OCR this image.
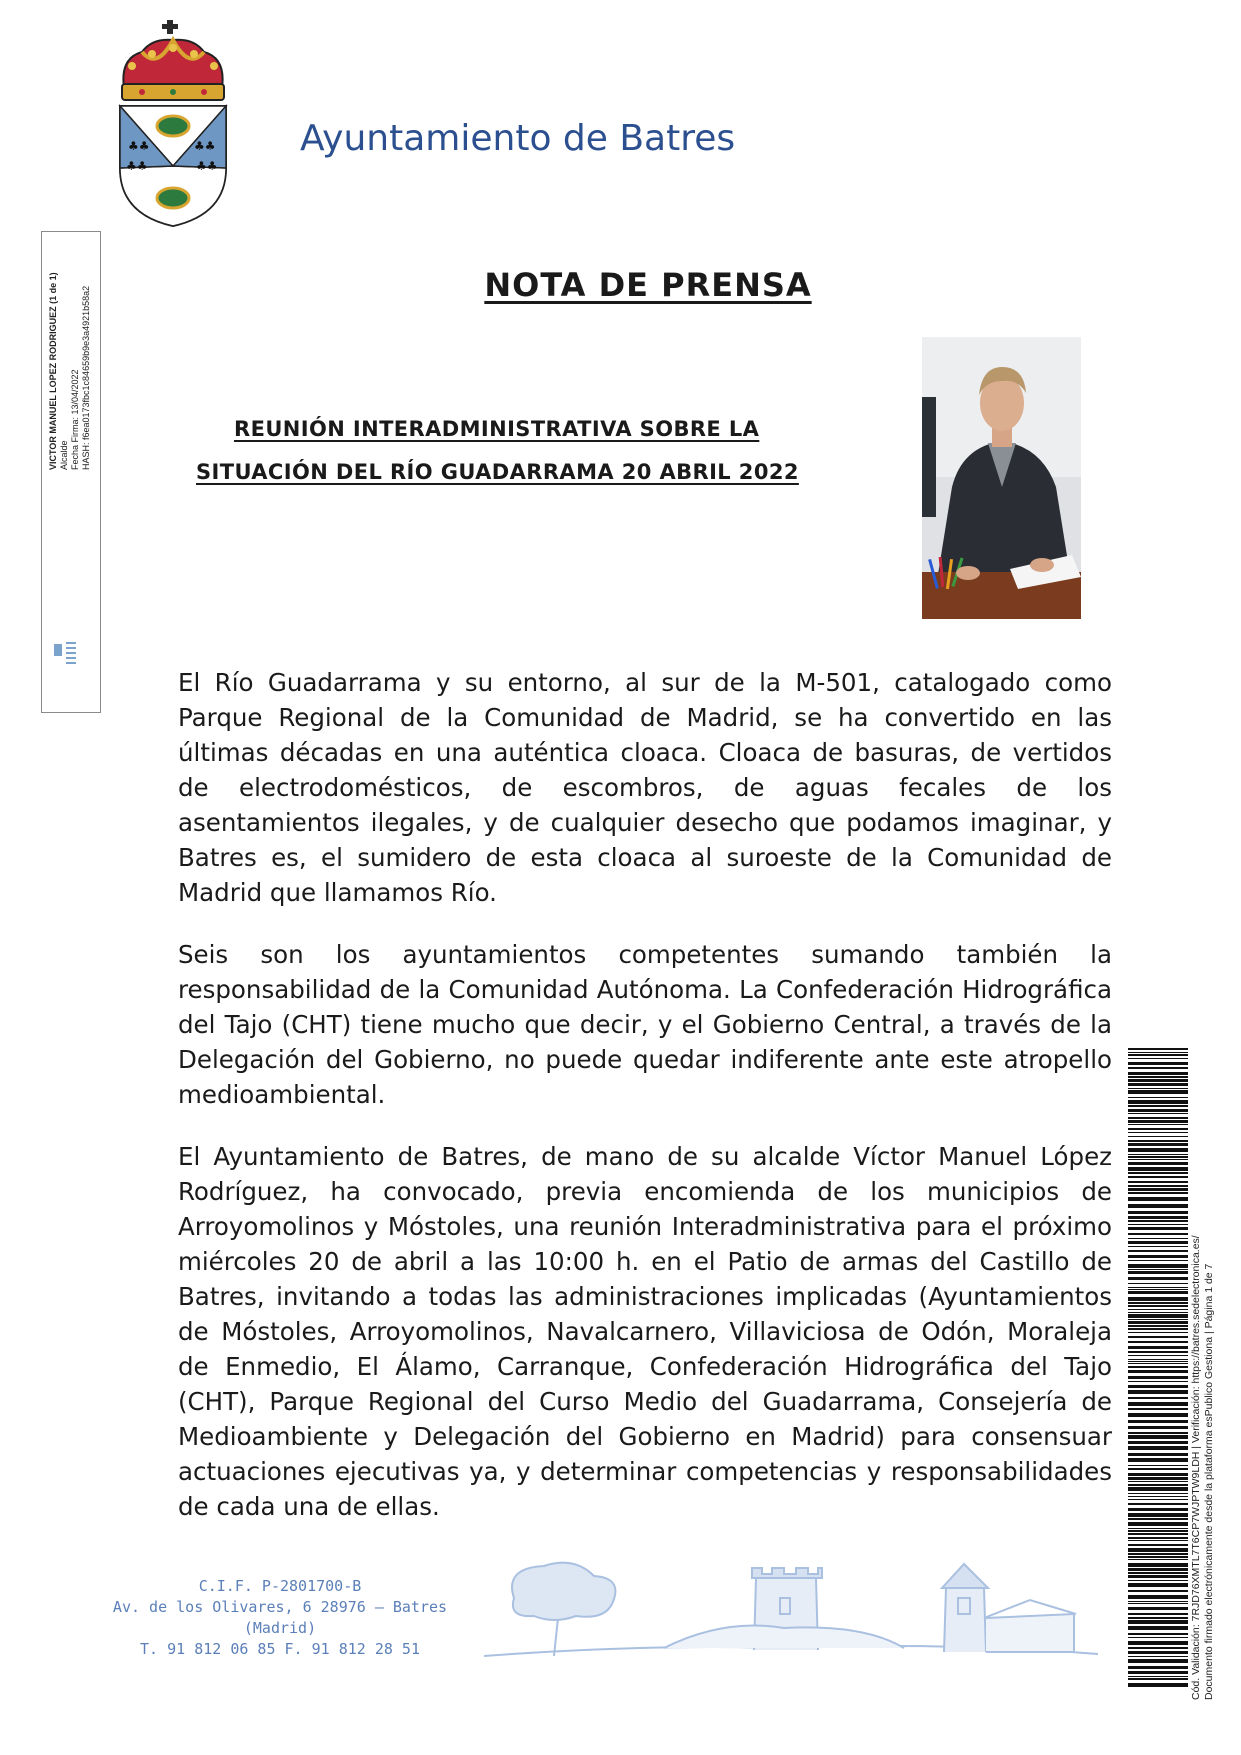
♣♣
♣♣
♣♣
♣♣
Ayuntamiento de Batres
VICTOR MANUEL LOPEZ RODRIGUEZ (1 de 1) Alcalde Fecha Firma: 13/04/2022 HASH: f6ea0173fbc1c84659b9e3a4921b58a2
NOTA DE PRENSA
REUNIÓN INTERADMINISTRATIVA SOBRE LA
SITUACIÓN DEL RÍO GUADARRAMA 20 ABRIL 2022

El Río Guadarrama y su entorno, al sur de la M-501, catalogado como Parque Regional de la Comunidad de Madrid, se ha convertido en las últimas décadas en una auténtica cloaca. Cloaca de basuras, de vertidos de electrodomésticos, de escombros, de aguas fecales de los asentamientos ilegales, y de cualquier desecho que podamos imaginar, y Batres es, el sumidero de esta cloaca al suroeste de la Comunidad de Madrid que llamamos Río.

Seis son los ayuntamientos competentes sumando también la responsabilidad de la Comunidad Autónoma. La Confederación Hidrográfica del Tajo (CHT) tiene mucho que decir, y el Gobierno Central, a través de la Delegación del Gobierno, no puede quedar indiferente ante este atropello medioambiental.

El Ayuntamiento de Batres, de mano de su alcalde Víctor Manuel López Rodríguez, ha convocado, previa encomienda de los municipios de Arroyomolinos y Móstoles, una reunión Interadministrativa para el próximo miércoles 20 de abril a las 10:00 h. en el Patio de armas del Castillo de Batres, invitando a todas las administraciones implicadas (Ayuntamientos de Móstoles, Arroyomolinos, Navalcarnero, Villaviciosa de Odón, Moraleja de Enmedio, El Álamo, Carranque, Confederación Hidrográfica del Tajo (CHT), Parque Regional del Curso Medio del Guadarrama, Consejería de Medioambiente y Delegación del Gobierno en Madrid) para consensuar actuaciones ejecutivas ya, y determinar competencias y responsabilidades de cada una de ellas.

C.I.F. P-2801700-B
Av. de los Olivares, 6 28976 – Batres (Madrid)
T. 91 812 06 85 F. 91 812 28 51	Cód. Validación: 7RJD76XMTL7T6CP7WJPTW9LDH | Verificación: https://batres.sedelectronica.es/ Documento firmado electrónicamente desde la plataforma esPublico Gestiona | Página 1 de 7
